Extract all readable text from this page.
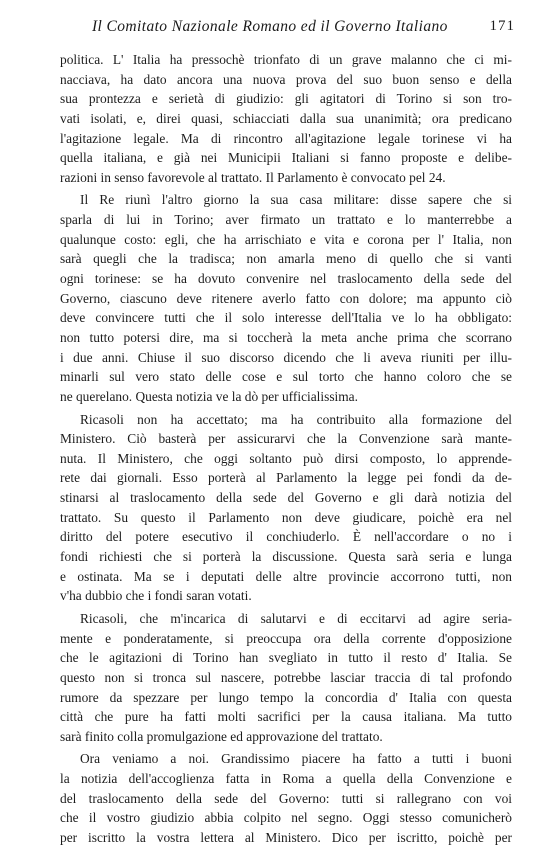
Il Comitato Nazionale Romano ed il Governo Italiano	171
politica. L' Italia ha pressochè trionfato di un grave malanno che ci mi-
nacciava, ha dato ancora una nuova prova del suo buon senso e della
sua prontezza e serietà di giudizio: gli agitatori di Torino si son tro-
vati isolati, e, direi quasi, schiacciati dalla sua unanimità; ora predicano
l'agitazione legale. Ma di rincontro all'agitazione legale torinese vi ha
quella italiana, e già nei Municipii Italiani si fanno proposte e delibe-
razioni in senso favorevole al trattato. Il Parlamento è convocato pel 24.
Il Re riunì l'altro giorno la sua casa militare: disse sapere che si
sparla di lui in Torino; aver firmato un trattato e lo manterrebbe a
qualunque costo: egli, che ha arrischiato e vita e corona per l' Italia, non
sarà quegli che la tradisca; non amarla meno di quello che si vanti
ogni torinese: se ha dovuto convenire nel traslocamento della sede del
Governo, ciascuno deve ritenere averlo fatto con dolore; ma appunto ciò
deve convincere tutti che il solo interesse dell'Italia ve lo ha obbligato:
non tutto potersi dire, ma si toccherà la meta anche prima che scorrano
i due anni. Chiuse il suo discorso dicendo che li aveva riuniti per illu-
minarli sul vero stato delle cose e sul torto che hanno coloro che se
ne querelano. Questa notizia ve la dò per ufficialissima.
Ricasoli non ha accettato; ma ha contribuito alla formazione del
Ministero. Ciò basterà per assicurarvi che la Convenzione sarà mante-
nuta. Il Ministero, che oggi soltanto può dirsi composto, lo apprende-
rete dai giornali. Esso porterà al Parlamento la legge pei fondi da de-
stinarsi al traslocamento della sede del Governo e gli darà notizia del
trattato. Su questo il Parlamento non deve giudicare, poichè era nel
diritto del potere esecutivo il conchiuderlo. È nell'accordare o no i
fondi richiesti che si porterà la discussione. Questa sarà seria e lunga
e ostinata. Ma se i deputati delle altre provincie accorrono tutti, non
v'ha dubbio che i fondi saran votati.
Ricasoli, che m'incarica di salutarvi e di eccitarvi ad agire seria-
mente e ponderatamente, si preoccupa ora della corrente d'opposizione
che le agitazioni di Torino han svegliato in tutto il resto d' Italia. Se
questo non si tronca sul nascere, potrebbe lasciar traccia di tal profondo
rumore da spezzare per lungo tempo la concordia d' Italia con questa
città che pure ha fatti molti sacrifici per la causa italiana. Ma tutto
sarà finito colla promulgazione ed approvazione del trattato.
Ora veniamo a noi. Grandissimo piacere ha fatto a tutti i buoni
la notizia dell'accoglienza fatta in Roma a quella della Convenzione e
del traslocamento della sede del Governo: tutti si rallegrano con voi
che il vostro giudizio abbia colpito nel segno. Oggi stesso comunicherò
per iscritto la vostra lettera al Ministero. Dico per iscritto, poichè per
